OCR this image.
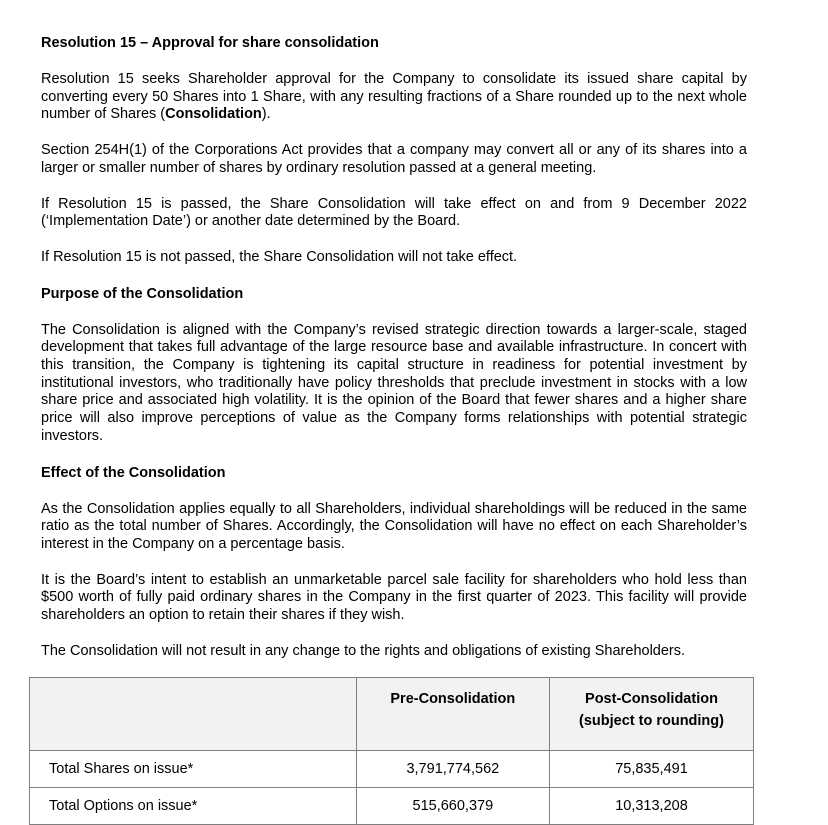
Resolution 15 – Approval for share consolidation

Resolution 15 seeks Shareholder approval for the Company to consolidate its issued share capital by converting every 50 Shares into 1 Share, with any resulting fractions of a Share rounded up to the next whole number of Shares (Consolidation).

Section 254H(1) of the Corporations Act provides that a company may convert all or any of its shares into a larger or smaller number of shares by ordinary resolution passed at a general meeting.

If Resolution 15 is passed, the Share Consolidation will take effect on and from 9 December 2022 (‘Implementation Date’) or another date determined by the Board.

If Resolution 15 is not passed, the Share Consolidation will not take effect.

Purpose of the Consolidation

The Consolidation is aligned with the Company’s revised strategic direction towards a larger-scale, staged development that takes full advantage of the large resource base and available infrastructure. In concert with this transition, the Company is tightening its capital structure in readiness for potential investment by institutional investors, who traditionally have policy thresholds that preclude investment in stocks with a low share price and associated high volatility. It is the opinion of the Board that fewer shares and a higher share price will also improve perceptions of value as the Company forms relationships with potential strategic investors.

Effect of the Consolidation

As the Consolidation applies equally to all Shareholders, individual shareholdings will be reduced in the same ratio as the total number of Shares. Accordingly, the Consolidation will have no effect on each Shareholder’s interest in the Company on a percentage basis.

It is the Board’s intent to establish an unmarketable parcel sale facility for shareholders who hold less than $500 worth of fully paid ordinary shares in the Company in the first quarter of 2023. This facility will provide shareholders an option to retain their shares if they wish.

The Consolidation will not result in any change to the rights and obligations of existing Shareholders.

	Pre-Consolidation	Post-Consolidation (subject to rounding)
Total Shares on issue*	3,791,774,562	75,835,491
Total Options on issue*	515,660,379	10,313,208
